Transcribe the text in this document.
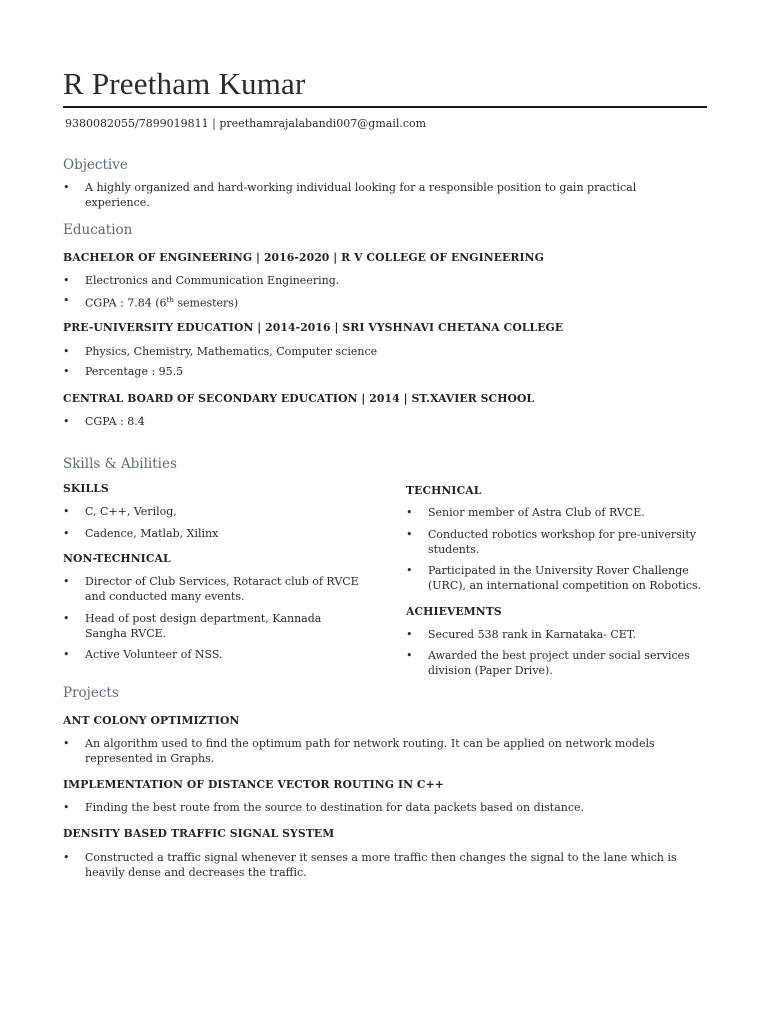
R Preetham Kumar
9380082055/7899019811 | preethamrajalabandi007@gmail.com
Objective
• A highly organized and hard-working individual looking for a responsible position to gain practical experience.
Education
BACHELOR OF ENGINEERING | 2016-2020 | R V COLLEGE OF ENGINEERING
• Electronics and Communication Engineering.
• CGPA : 7.84 (6th semesters)
PRE-UNIVERSITY EDUCATION | 2014-2016 | SRI VYSHNAVI CHETANA COLLEGE
• Physics, Chemistry, Mathematics, Computer science
• Percentage : 95.5
CENTRAL BOARD OF SECONDARY EDUCATION | 2014 | ST.XAVIER SCHOOL
• CGPA : 8.4
Skills & Abilities
SKILLS
• C, C++, Verilog,
• Cadence, Matlab, Xilinx
NON-TECHNICAL
• Director of Club Services, Rotaract club of RVCE and conducted many events.
• Head of post design department, Kannada Sangha RVCE.
• Active Volunteer of NSS.
TECHNICAL
• Senior member of Astra Club of RVCE.
• Conducted robotics workshop for pre-university students.
• Participated in the University Rover Challenge (URC), an international competition on Robotics.
ACHIEVEMNTS
• Secured 538 rank in Karnataka- CET.
• Awarded the best project under social services division (Paper Drive).
Projects
ANT COLONY OPTIMIZTION
• An algorithm used to find the optimum path for network routing. It can be applied on network models represented in Graphs.
IMPLEMENTATION OF DISTANCE VECTOR ROUTING IN C++
• Finding the best route from the source to destination for data packets based on distance.
DENSITY BASED TRAFFIC SIGNAL SYSTEM
• Constructed a traffic signal whenever it senses a more traffic then changes the signal to the lane which is heavily dense and decreases the traffic.
